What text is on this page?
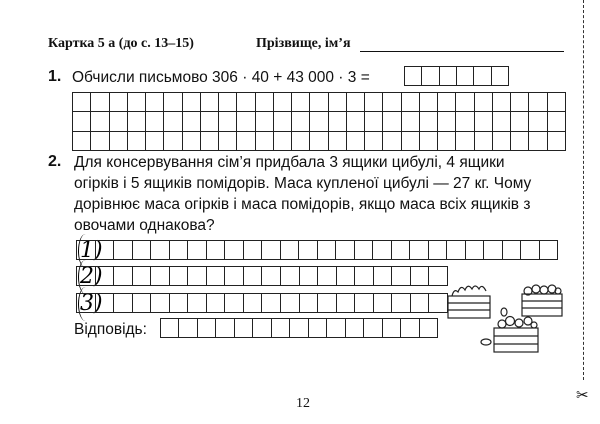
Картка 5 а (до с. 13–15)	Прізвище, ім’я
1. Обчисли письмово 306 · 40 + 43 000 · 3 =
2. Для консервування сім’я придбала 3 ящики цибулі, 4 ящики
огірків і 5 ящиків помідорів. Маса купленої цибулі — 27 кг. Чому
дорівнює маса огірків і маса помідорів, якщо маса всіх ящиків з
овочами однакова?
1)
2)
3)
Відповідь:
12	✂
